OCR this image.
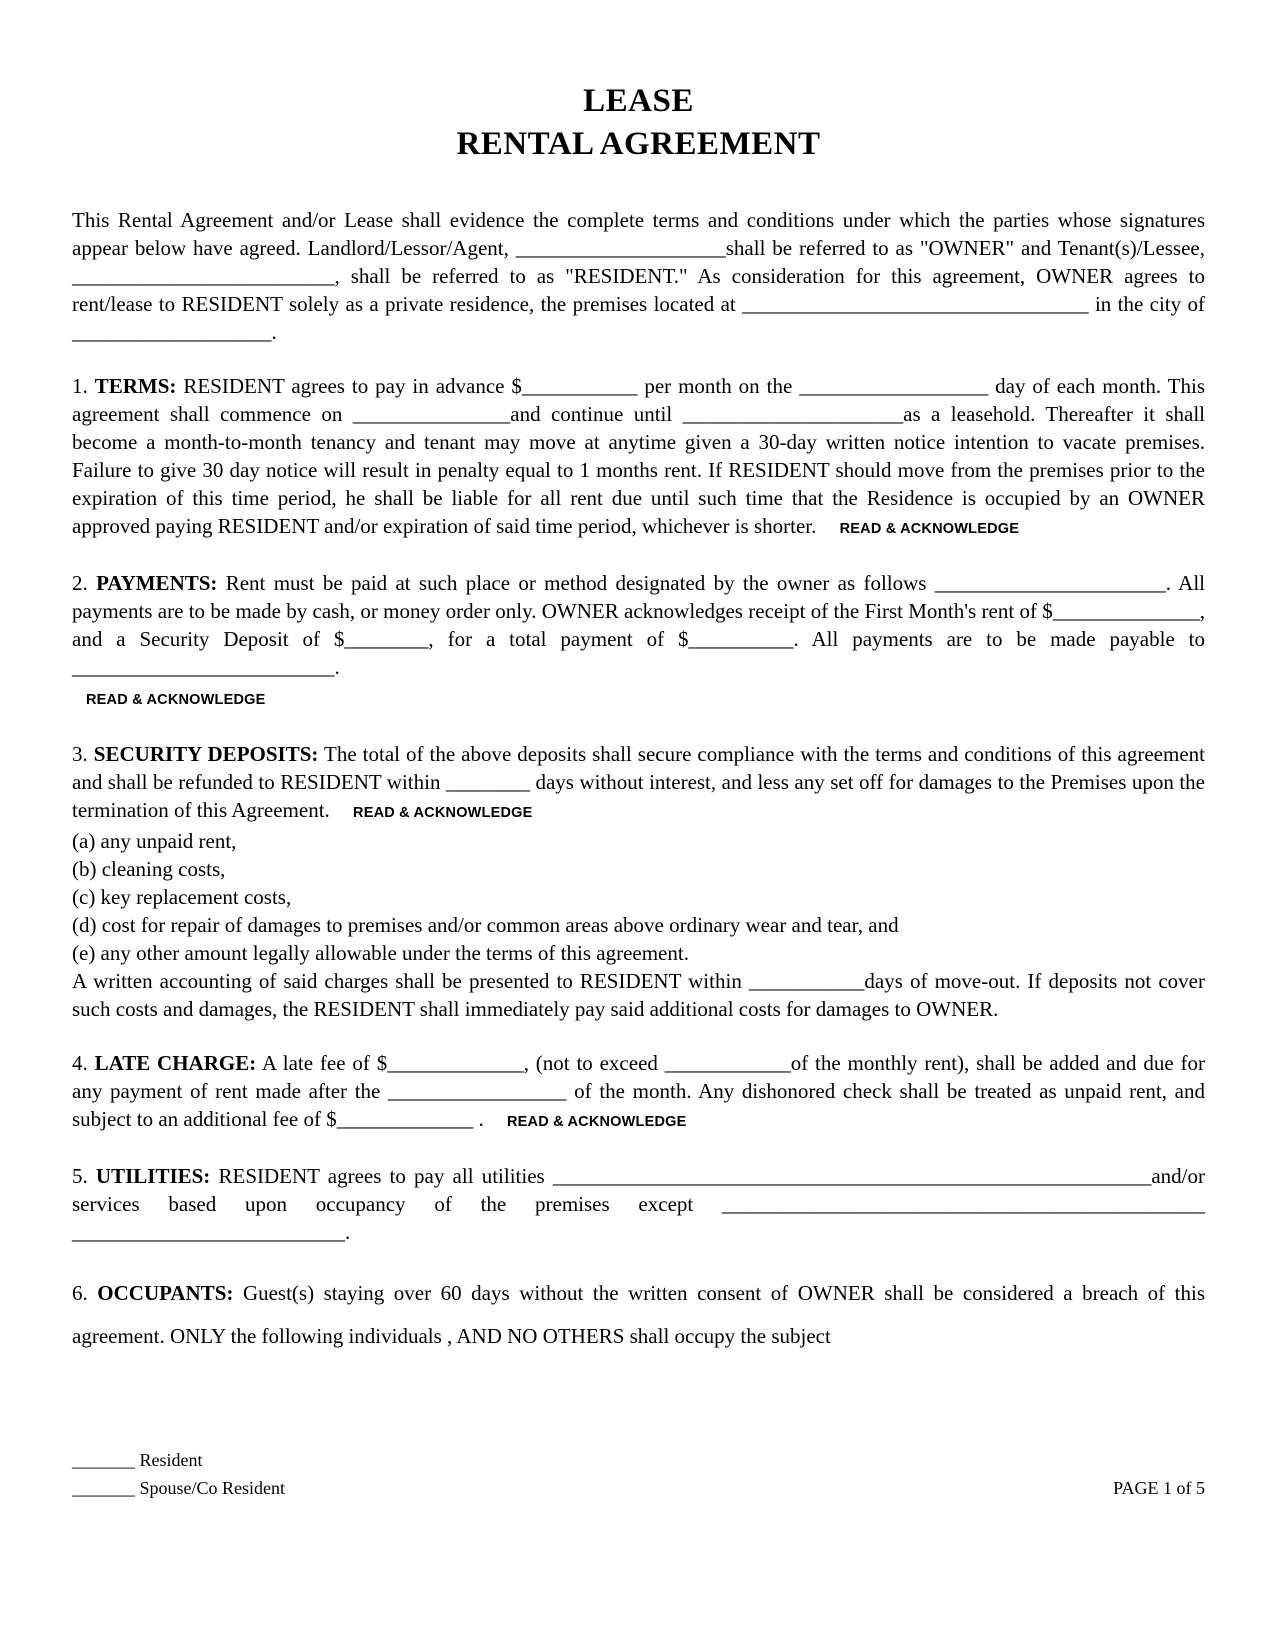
LEASE
RENTAL AGREEMENT

This Rental Agreement and/or Lease shall evidence the complete terms and conditions under which the parties whose signatures appear below have agreed. Landlord/Lessor/Agent, ____________________shall be referred to as "OWNER" and Tenant(s)/Lessee, _________________________, shall be referred to as "RESIDENT." As consideration for this agreement, OWNER agrees to rent/lease to RESIDENT solely as a private residence, the premises located at _________________________________ in the city of ___________________.

1. TERMS: RESIDENT agrees to pay in advance $___________ per month on the __________________ day of each month. This agreement shall commence on _______________and continue until _____________________as a leasehold. Thereafter it shall become a month-to-month tenancy and tenant may move at anytime given a 30-day written notice intention to vacate premises. Failure to give 30 day notice will result in penalty equal to 1 months rent. If RESIDENT should move from the premises prior to the expiration of this time period, he shall be liable for all rent due until such time that the Residence is occupied by an OWNER approved paying RESIDENT and/or expiration of said time period, whichever is shorter. READ & ACKNOWLEDGE

2. PAYMENTS: Rent must be paid at such place or method designated by the owner as follows ______________________. All payments are to be made by cash, or money order only. OWNER acknowledges receipt of the First Month's rent of $______________, and a Security Deposit of $________, for a total payment of $__________. All payments are to be made payable to _________________________.

READ & ACKNOWLEDGE

3. SECURITY DEPOSITS: The total of the above deposits shall secure compliance with the terms and conditions of this agreement and shall be refunded to RESIDENT within ________ days without interest, and less any set off for damages to the Premises upon the termination of this Agreement. READ & ACKNOWLEDGE

(a) any unpaid rent,

(b) cleaning costs,

(c) key replacement costs,

(d) cost for repair of damages to premises and/or common areas above ordinary wear and tear, and

(e) any other amount legally allowable under the terms of this agreement.

A written accounting of said charges shall be presented to RESIDENT within ___________days of move-out. If deposits not cover such costs and damages, the RESIDENT shall immediately pay said additional costs for damages to OWNER.

4. LATE CHARGE: A late fee of $_____________, (not to exceed ____________of the monthly rent), shall be added and due for any payment of rent made after the _________________ of the month. Any dishonored check shall be treated as unpaid rent, and subject to an additional fee of $_____________ . READ & ACKNOWLEDGE

5. UTILITIES: RESIDENT agrees to pay all utilities _________________________________________________________and/or services based upon occupancy of the premises except ______________________________________________ __________________________.

6. OCCUPANTS: Guest(s) staying over 60 days without the written consent of OWNER shall be considered a breach of this agreement. ONLY the following individuals , AND NO OTHERS shall occupy the subject

_______ Resident
_______ Spouse/Co Resident	PAGE 1 of 5
